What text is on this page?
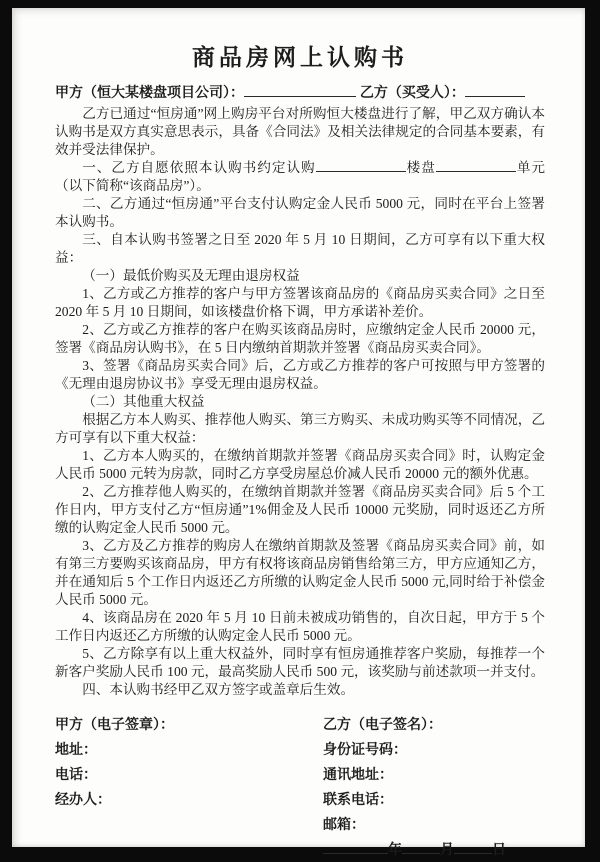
商品房网上认购书

甲方（恒大某楼盘项目公司）：	乙方（买受人）：

乙方已通过“恒房通”网上购房平台对所购恒大楼盘进行了解，甲乙双方确认本认购书是双方真实意思表示，具备《合同法》及相关法律规定的合同基本要素，有效并受法律保护。

一、乙方自愿依照本认购书约定认购	楼盘	单元（以下简称“该商品房”）。

二、乙方通过“恒房通”平台支付认购定金人民币 5000 元，同时在平台上签署本认购书。

三、自本认购书签署之日至 2020 年 5 月 10 日期间，乙方可享有以下重大权益：

（一）最低价购买及无理由退房权益

1、乙方或乙方推荐的客户与甲方签署该商品房的《商品房买卖合同》之日至 2020 年 5 月 10 日期间，如该楼盘价格下调，甲方承诺补差价。

2、乙方或乙方推荐的客户在购买该商品房时，应缴纳定金人民币 20000 元，签署《商品房认购书》，在 5 日内缴纳首期款并签署《商品房买卖合同》。

3、签署《商品房买卖合同》后，乙方或乙方推荐的客户可按照与甲方签署的《无理由退房协议书》享受无理由退房权益。

（二）其他重大权益

根据乙方本人购买、推荐他人购买、第三方购买、未成功购买等不同情况，乙方可享有以下重大权益：

1、乙方本人购买的，在缴纳首期款并签署《商品房买卖合同》时，认购定金人民币 5000 元转为房款，同时乙方享受房屋总价减人民币 20000 元的额外优惠。

2、乙方推荐他人购买的，在缴纳首期款并签署《商品房买卖合同》后 5 个工作日内，甲方支付乙方“恒房通”1%佣金及人民币 10000 元奖励，同时返还乙方所缴的认购定金人民币 5000 元。

3、乙方及乙方推荐的购房人在缴纳首期款及签署《商品房买卖合同》前，如有第三方要购买该商品房，甲方有权将该商品房销售给第三方，甲方应通知乙方，并在通知后 5 个工作日内返还乙方所缴的认购定金人民币 5000 元,同时给于补偿金人民币 5000 元。

4、该商品房在 2020 年 5 月 10 日前未被成功销售的，自次日起，甲方于 5 个工作日内返还乙方所缴的认购定金人民币 5000 元。

5、乙方除享有以上重大权益外，同时享有恒房通推荐客户奖励，每推荐一个新客户奖励人民币 100 元，最高奖励人民币 500 元，该奖励与前述款项一并支付。

四、本认购书经甲乙双方签字或盖章后生效。

甲方（电子签章）：
地址：
电话：
经办人：
乙方（电子签名）：
身份证号码：
通讯地址：
联系电话：
邮箱：
年	月	日
